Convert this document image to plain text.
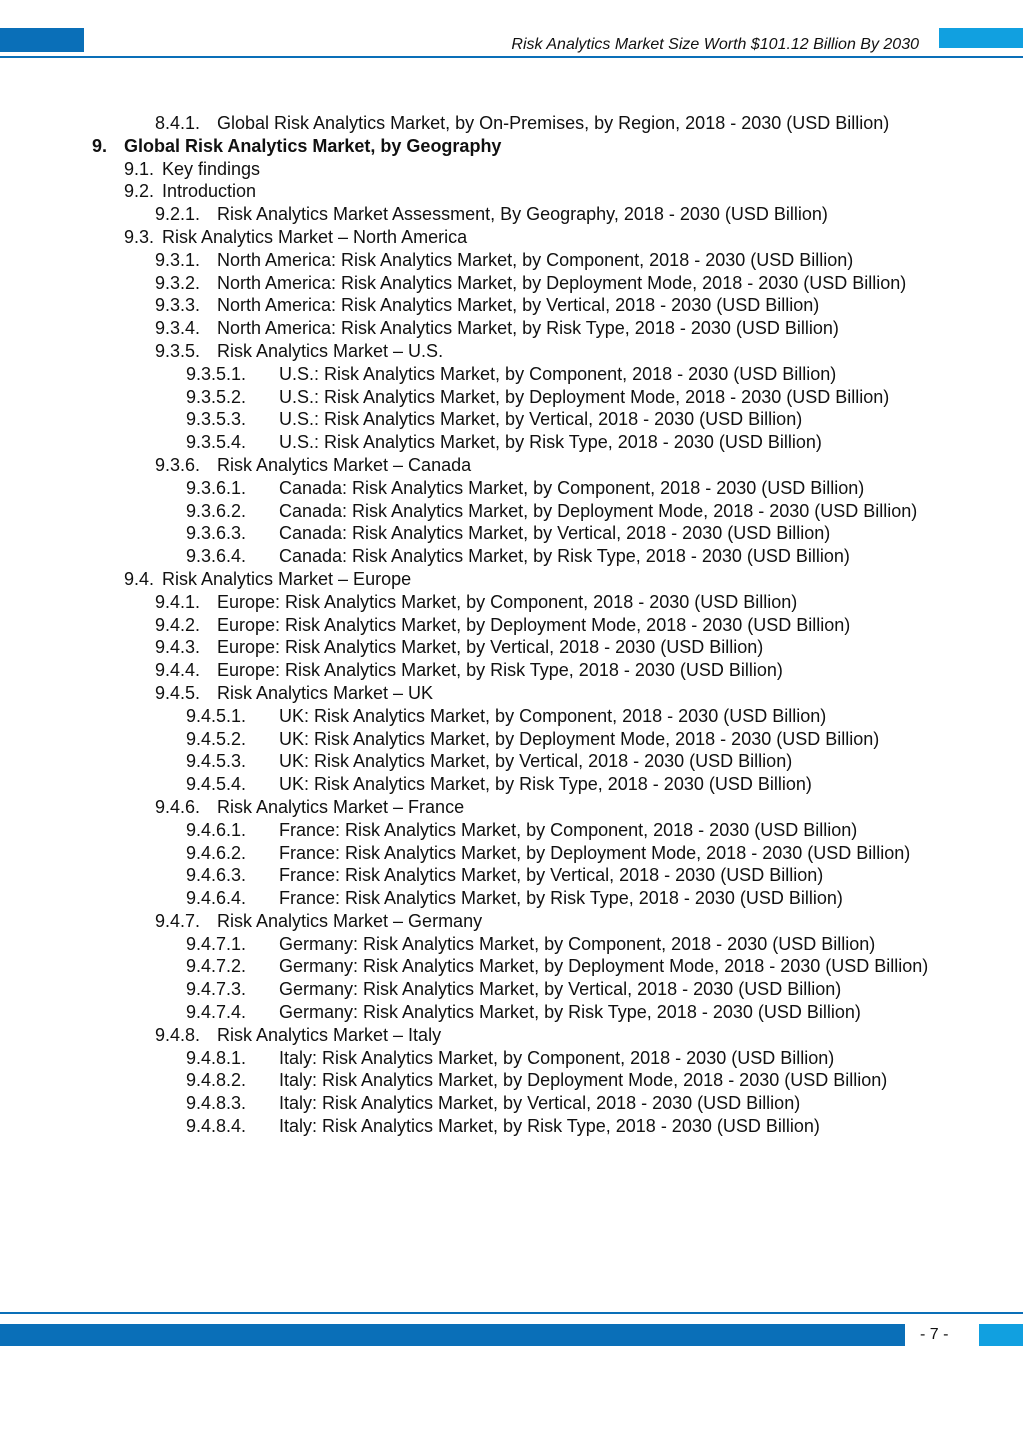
Risk Analytics Market Size Worth $101.12 Billion By 2030
8.4.1. Global Risk Analytics Market, by On-Premises, by Region, 2018 - 2030 (USD Billion)
9. Global Risk Analytics Market, by Geography
9.1. Key findings
9.2. Introduction
9.2.1. Risk Analytics Market Assessment, By Geography, 2018 - 2030 (USD Billion)
9.3. Risk Analytics Market – North America
9.3.1. North America: Risk Analytics Market, by Component, 2018 - 2030 (USD Billion)
9.3.2. North America: Risk Analytics Market, by Deployment Mode, 2018 - 2030 (USD Billion)
9.3.3. North America: Risk Analytics Market, by Vertical, 2018 - 2030 (USD Billion)
9.3.4. North America: Risk Analytics Market, by Risk Type, 2018 - 2030 (USD Billion)
9.3.5. Risk Analytics Market – U.S.
9.3.5.1. U.S.: Risk Analytics Market, by Component, 2018 - 2030 (USD Billion)
9.3.5.2.	U.S.: Risk Analytics Market, by Deployment Mode, 2018 - 2030 (USD Billion)
9.3.5.3. U.S.: Risk Analytics Market, by Vertical, 2018 - 2030 (USD Billion)
9.3.5.4. U.S.: Risk Analytics Market, by Risk Type, 2018 - 2030 (USD Billion)
9.3.6. Risk Analytics Market – Canada
9.3.6.1. Canada: Risk Analytics Market, by Component, 2018 - 2030 (USD Billion)
9.3.6.2.	Canada: Risk Analytics Market, by Deployment Mode, 2018 - 2030 (USD Billion)
9.3.6.3. Canada: Risk Analytics Market, by Vertical, 2018 - 2030 (USD Billion)
9.3.6.4. Canada: Risk Analytics Market, by Risk Type, 2018 - 2030 (USD Billion)
9.4. Risk Analytics Market – Europe
9.4.1. Europe: Risk Analytics Market, by Component, 2018 - 2030 (USD Billion)
9.4.2. Europe: Risk Analytics Market, by Deployment Mode, 2018 - 2030 (USD Billion)
9.4.3. Europe: Risk Analytics Market, by Vertical, 2018 - 2030 (USD Billion)
9.4.4. Europe: Risk Analytics Market, by Risk Type, 2018 - 2030 (USD Billion)
9.4.5. Risk Analytics Market – UK
9.4.5.1. UK: Risk Analytics Market, by Component, 2018 - 2030 (USD Billion)
9.4.5.2. UK: Risk Analytics Market, by Deployment Mode, 2018 - 2030 (USD Billion)
9.4.5.3. UK: Risk Analytics Market, by Vertical, 2018 - 2030 (USD Billion)
9.4.5.4. UK: Risk Analytics Market, by Risk Type, 2018 - 2030 (USD Billion)
9.4.6. Risk Analytics Market – France
9.4.6.1. France: Risk Analytics Market, by Component, 2018 - 2030 (USD Billion)
9.4.6.2.	France: Risk Analytics Market, by Deployment Mode, 2018 - 2030 (USD Billion)
9.4.6.3. France: Risk Analytics Market, by Vertical, 2018 - 2030 (USD Billion)
9.4.6.4. France: Risk Analytics Market, by Risk Type, 2018 - 2030 (USD Billion)
9.4.7. Risk Analytics Market – Germany
9.4.7.1. Germany: Risk Analytics Market, by Component, 2018 - 2030 (USD Billion)
9.4.7.2.	Germany: Risk Analytics Market, by Deployment Mode, 2018 - 2030 (USD Billion)
9.4.7.3. Germany: Risk Analytics Market, by Vertical, 2018 - 2030 (USD Billion)
9.4.7.4. Germany: Risk Analytics Market, by Risk Type, 2018 - 2030 (USD Billion)
9.4.8. Risk Analytics Market – Italy
9.4.8.1. Italy: Risk Analytics Market, by Component, 2018 - 2030 (USD Billion)
9.4.8.2.	Italy: Risk Analytics Market, by Deployment Mode, 2018 - 2030 (USD Billion)
9.4.8.3. Italy: Risk Analytics Market, by Vertical, 2018 - 2030 (USD Billion)
9.4.8.4. Italy: Risk Analytics Market, by Risk Type, 2018 - 2030 (USD Billion)
- 7 -
